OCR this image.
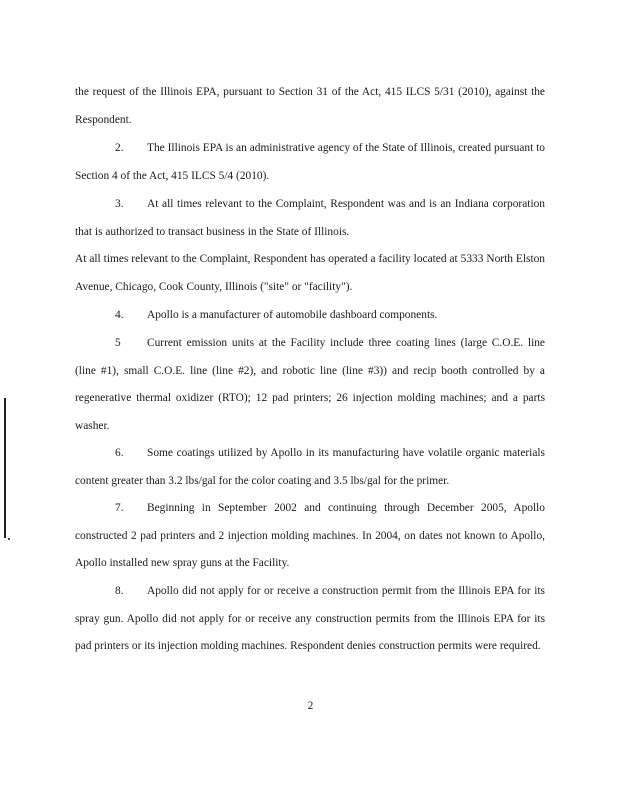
the request of the Illinois EPA, pursuant to Section 31 of the Act, 415 ILCS 5/31 (2010), against the Respondent.

2. The Illinois EPA is an administrative agency of the State of Illinois, created pursuant to Section 4 of the Act, 415 ILCS 5/4 (2010).

3. At all times relevant to the Complaint, Respondent was and is an Indiana corporation that is authorized to transact business in the State of Illinois.

At all times relevant to the Complaint, Respondent has operated a facility located at 5333 North Elston Avenue, Chicago, Cook County, Illinois ("site" or "facility").

4. Apollo is a manufacturer of automobile dashboard components.

5 Current emission units at the Facility include three coating lines (large C.O.E. line (line #1), small C.O.E. line (line #2), and robotic line (line #3)) and recip booth controlled by a regenerative thermal oxidizer (RTO); 12 pad printers; 26 injection molding machines; and a parts washer.

6. Some coatings utilized by Apollo in its manufacturing have volatile organic materials content greater than 3.2 lbs/gal for the color coating and 3.5 lbs/gal for the primer.

7. Beginning in September 2002 and continuing through December 2005, Apollo constructed 2 pad printers and 2 injection molding machines. In 2004, on dates not known to Apollo, Apollo installed new spray guns at the Facility.

8. Apollo did not apply for or receive a construction permit from the Illinois EPA for its spray gun. Apollo did not apply for or receive any construction permits from the Illinois EPA for its pad printers or its injection molding machines. Respondent denies construction permits were required.

2
